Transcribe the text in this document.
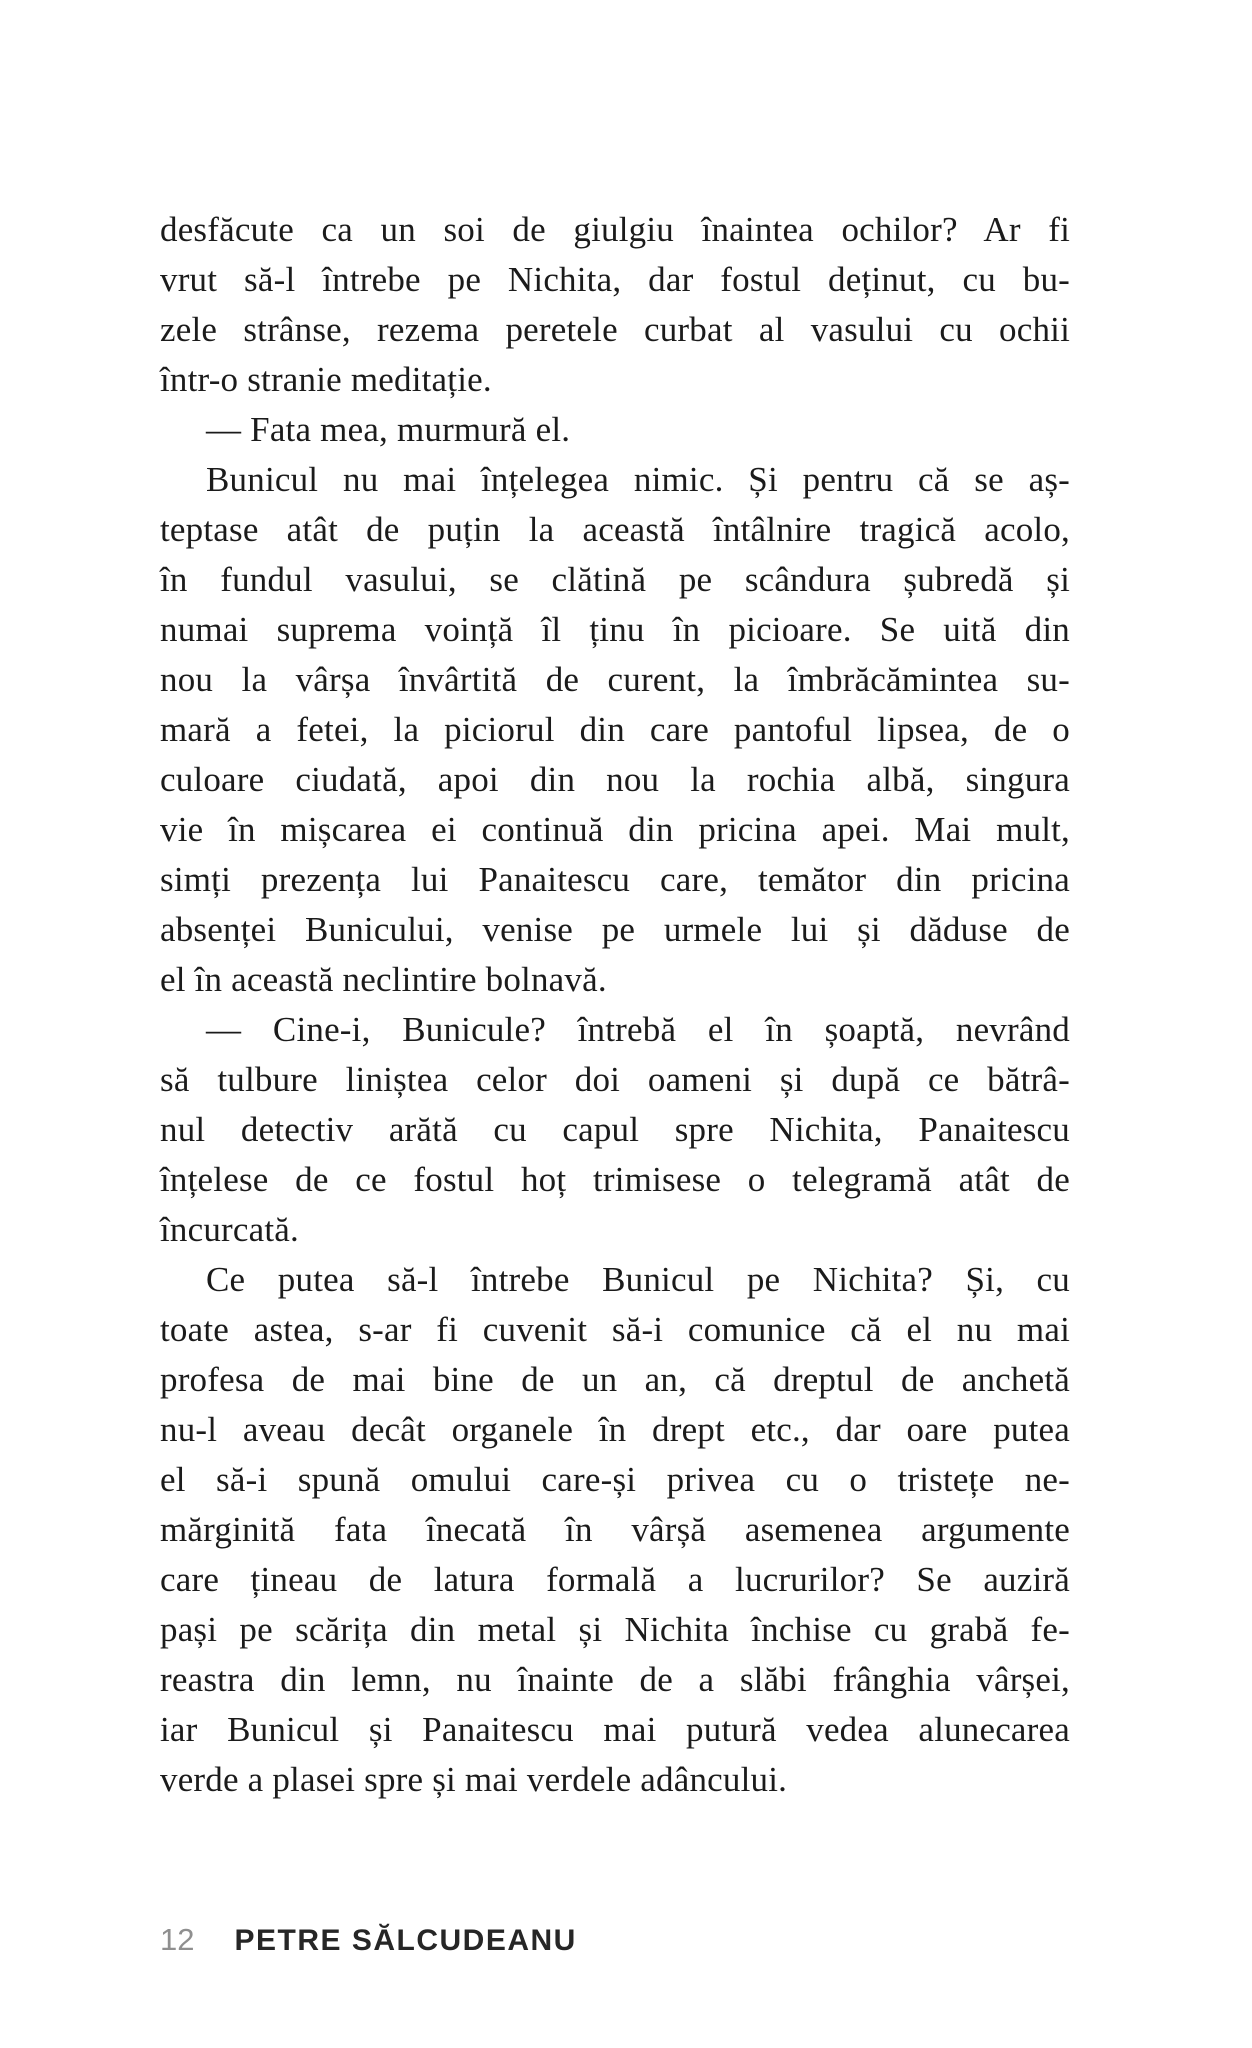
desfăcute ca un soi de giulgiu înaintea ochilor? Ar fi
vrut să-l întrebe pe Nichita, dar fostul deținut, cu bu-
zele strânse, rezema peretele curbat al vasului cu ochii
într-o stranie meditație.
— Fata mea, murmură el.
Bunicul nu mai înțelegea nimic. Și pentru că se aș-
teptase atât de puțin la această întâlnire tragică acolo,
în fundul vasului, se clătină pe scândura șubredă și
numai suprema voință îl ținu în picioare. Se uită din
nou la vârșa învârtită de curent, la îmbrăcămintea su-
mară a fetei, la piciorul din care pantoful lipsea, de o
culoare ciudată, apoi din nou la rochia albă, singura
vie în mișcarea ei continuă din pricina apei. Mai mult,
simți prezența lui Panaitescu care, temător din pricina
absenței Bunicului, venise pe urmele lui și dăduse de
el în această neclintire bolnavă.
— Cine-i, Bunicule? întrebă el în șoaptă, nevrând
să tulbure liniștea celor doi oameni și după ce bătrâ-
nul detectiv arătă cu capul spre Nichita, Panaitescu
înțelese de ce fostul hoț trimisese o telegramă atât de
încurcată.
Ce putea să-l întrebe Bunicul pe Nichita? Și, cu
toate astea, s-ar fi cuvenit să-i comunice că el nu mai
profesa de mai bine de un an, că dreptul de anchetă
nu-l aveau decât organele în drept etc., dar oare putea
el să-i spună omului care-și privea cu o tristețe ne-
mărginită fata înecată în vârșă asemenea argumente
care țineau de latura formală a lucrurilor? Se auziră
pași pe scărița din metal și Nichita închise cu grabă fe-
reastra din lemn, nu înainte de a slăbi frânghia vârșei,
iar Bunicul și Panaitescu mai putură vedea alunecarea
verde a plasei spre și mai verdele adâncului.
12 PETRE SĂLCUDEANU
